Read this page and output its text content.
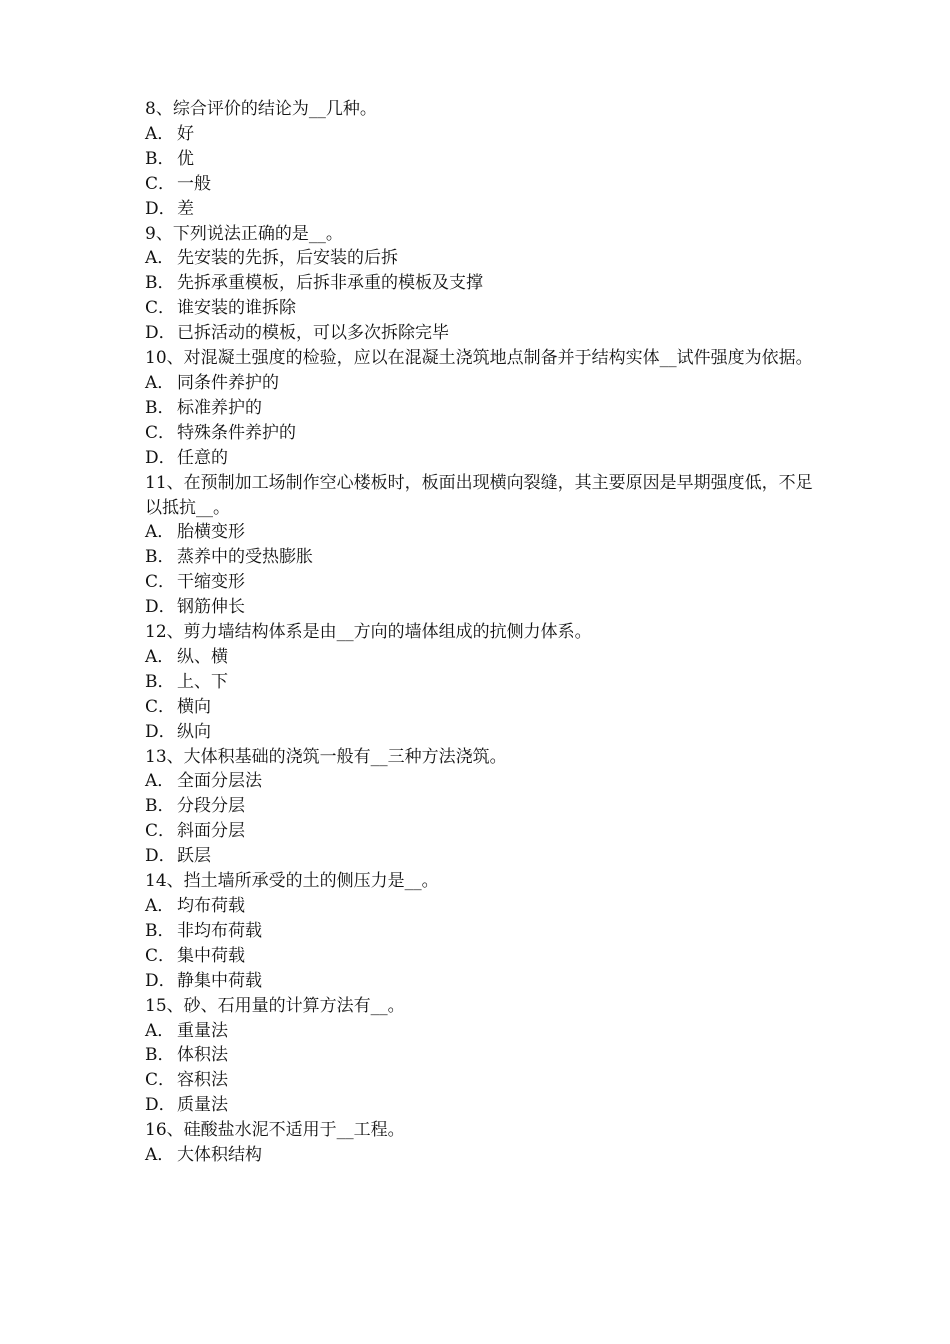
8、综合评价的结论为__几种。

A． 好

B． 优

C． 一般

D．差

9、下列说法正确的是__。

A． 先安装的先拆，后安装的后拆

B． 先拆承重模板，后拆非承重的模板及支撑

C． 谁安装的谁拆除

D．已拆活动的模板，可以多次拆除完毕

10、对混凝土强度的检验，应以在混凝土浇筑地点制备并于结构实体__试件强度为依据。

A． 同条件养护的

B． 标准养护的

C． 特殊条件养护的

D．任意的

11、在预制加工场制作空心楼板时，板面出现横向裂缝，其主要原因是早期强度低，不足以抵抗__。

A． 胎横变形

B． 蒸养中的受热膨胀

C． 干缩变形

D．钢筋伸长

12、剪力墙结构体系是由__方向的墙体组成的抗侧力体系。

A． 纵、横

B． 上、下

C． 横向

D．纵向

13、大体积基础的浇筑一般有__三种方法浇筑。

A． 全面分层法

B． 分段分层

C． 斜面分层

D．跃层

14、挡土墙所承受的土的侧压力是__。

A． 均布荷载

B． 非均布荷载

C． 集中荷载

D．静集中荷载

15、砂、石用量的计算方法有__。

A． 重量法

B． 体积法

C． 容积法

D．质量法

16、硅酸盐水泥不适用于__工程。

A． 大体积结构
